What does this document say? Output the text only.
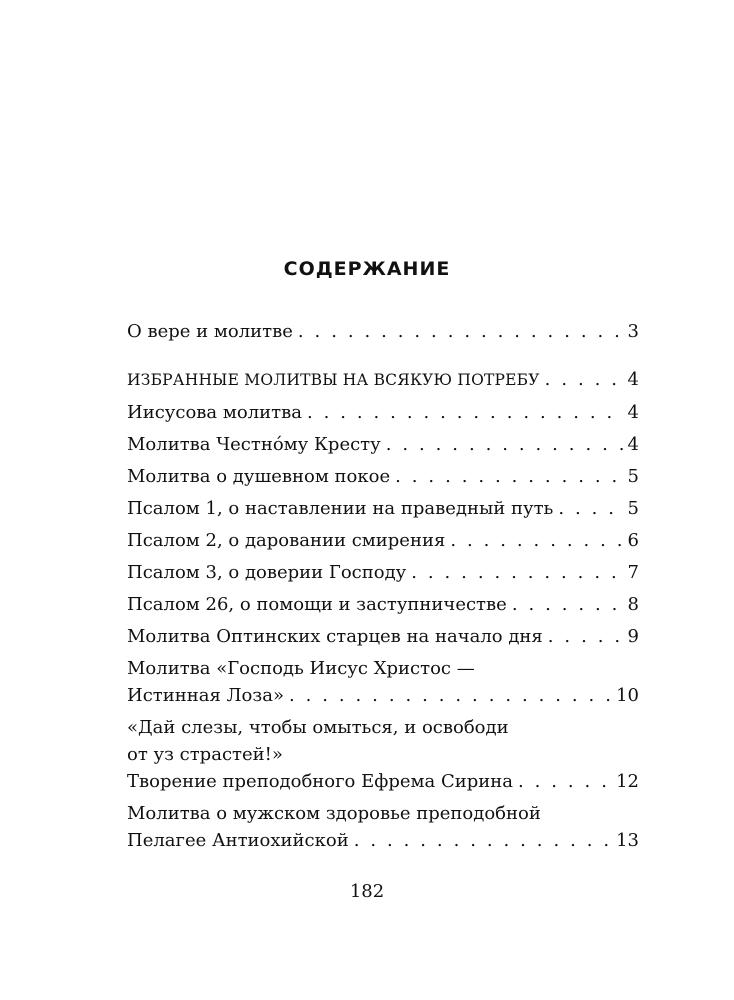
СОДЕРЖАНИЕ
О вере и молитве . . .	3
ИЗБРАННЫЕ МОЛИТВЫ НА ВСЯКУЮ ПОТРЕБУ . . .	4
Иисусова молитва . . .	4
Молитва Честно́му Кресту . . .	4
Молитва о душевном покое . . .	5
Псалом 1, о наставлении на праведный путь . . .	5
Псалом 2, о даровании смирения . . .	6
Псалом 3, о доверии Господу . . .	7
Псалом 26, о помощи и заступничестве . . .	8
Молитва Оптинских старцев на начало дня . . .	9
Молитва «Господь Иисус Христос —
Истинная Лоза» . . .	10
«Дай слезы, чтобы омыться, и освободи
от уз страстей!»
Творение преподобного Ефрема Сирина . . .	12
Молитва о мужском здоровье преподобной
Пелагее Антиохийской . . .	13
182
